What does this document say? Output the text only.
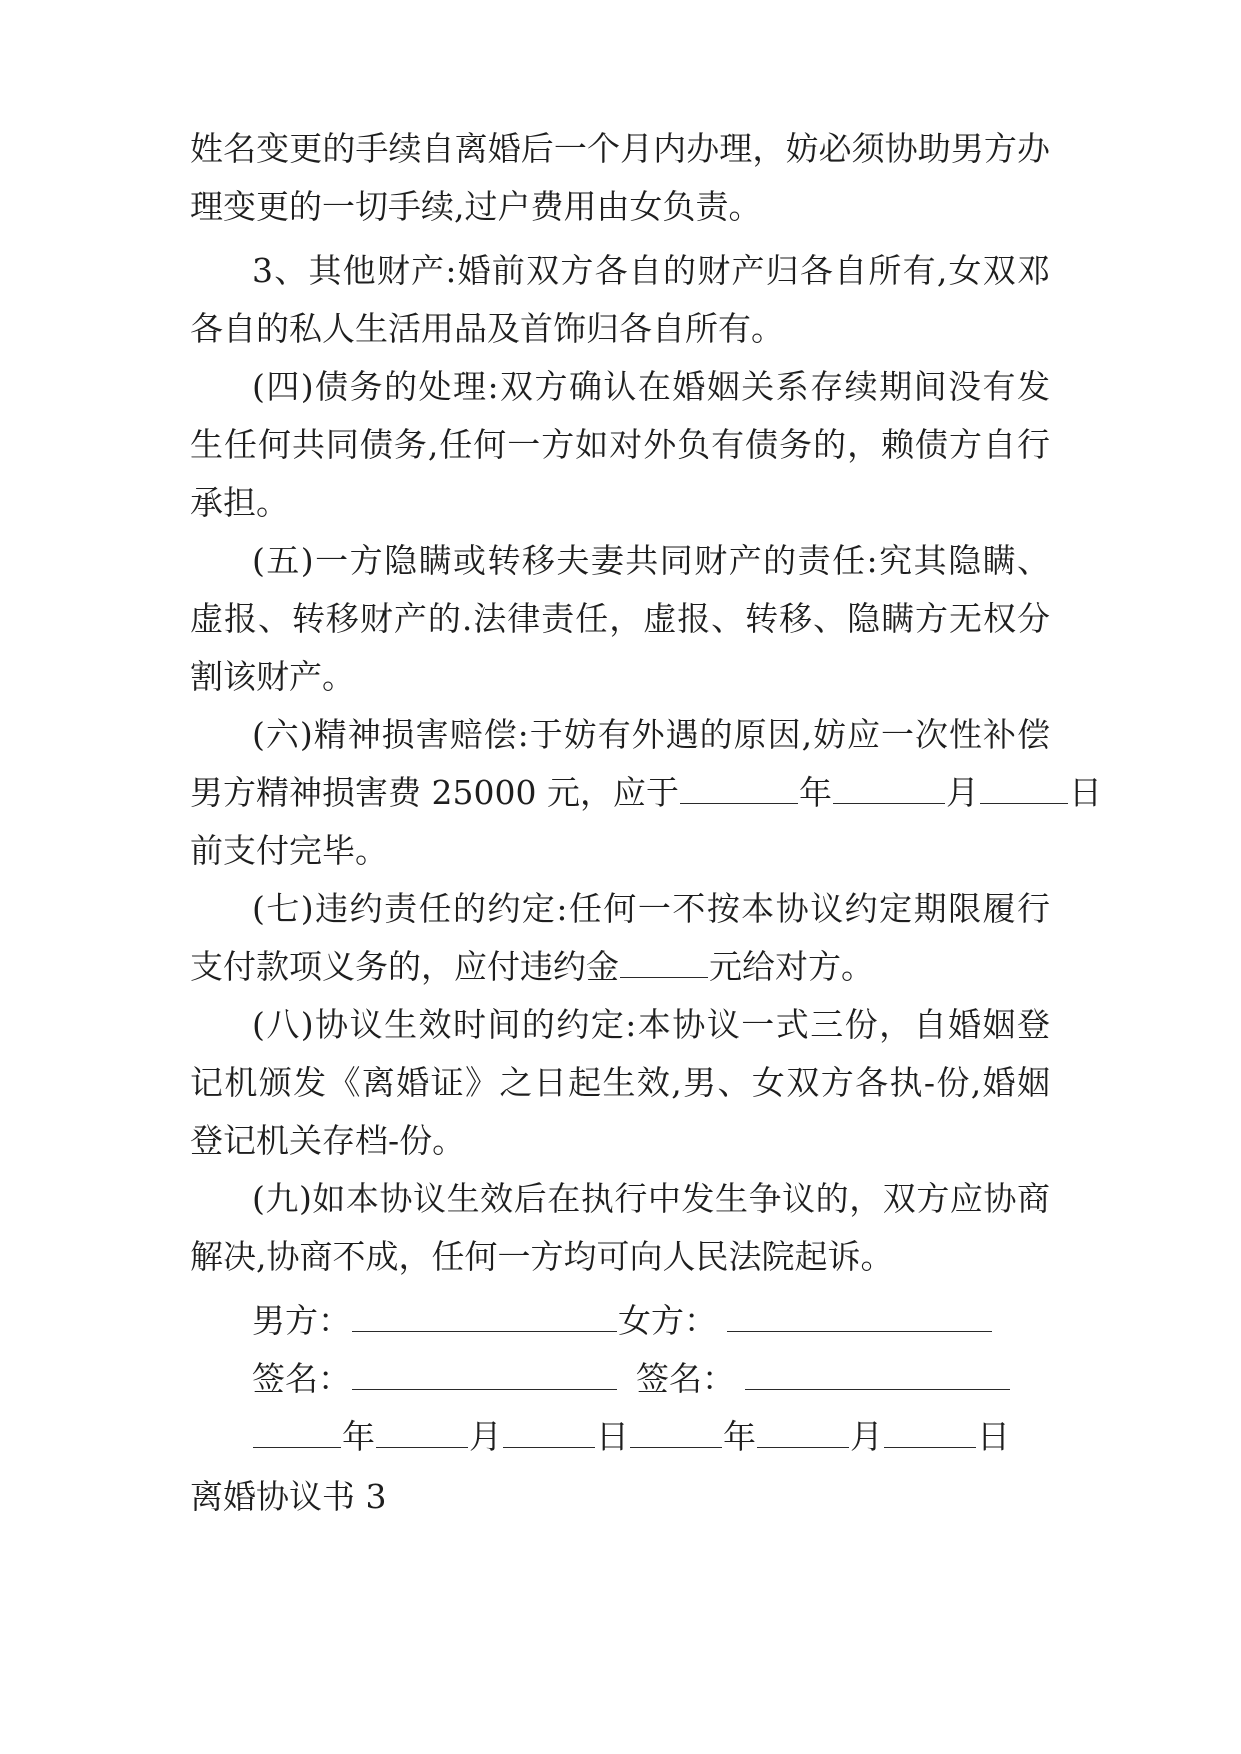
姓名变更的手续自离婚后一个月内办理，妨必须协助男方办
理变更的一切手续,过户费用由女负责。
3、其他财产:婚前双方各自的财产归各自所有,女双邓
各自的私人生活用品及首饰归各自所有。
(四)债务的处理:双方确认在婚姻关系存续期间没有发
生任何共同债务,任何一方如对外负有债务的，赖债方自行
承担。
(五)一方隐瞒或转移夫妻共同财产的责任:究其隐瞒、
虚报、转移财产的.法律责任，虚报、转移、隐瞒方无权分
割该财产。
(六)精神损害赔偿:于妨有外遇的原因,妨应一次性补偿
男方精神损害费 25000 元，应于	年	月	日
前支付完毕。
(七)违约责任的约定:任何一不按本协议约定期限履行
支付款项义务的，应付违约金	元给对方。
(八)协议生效时间的约定:本协议一式三份，自婚姻登
记机颁发《离婚证》之日起生效,男、女双方各执-份,婚姻
登记机关存档-份。
(九)如本协议生效后在执行中发生争议的，双方应协商
解决,协商不成，任何一方均可向人民法院起诉。
男方：	女方：
签名：	签名：
年	月	日	年	月	日
离婚协议书 3
